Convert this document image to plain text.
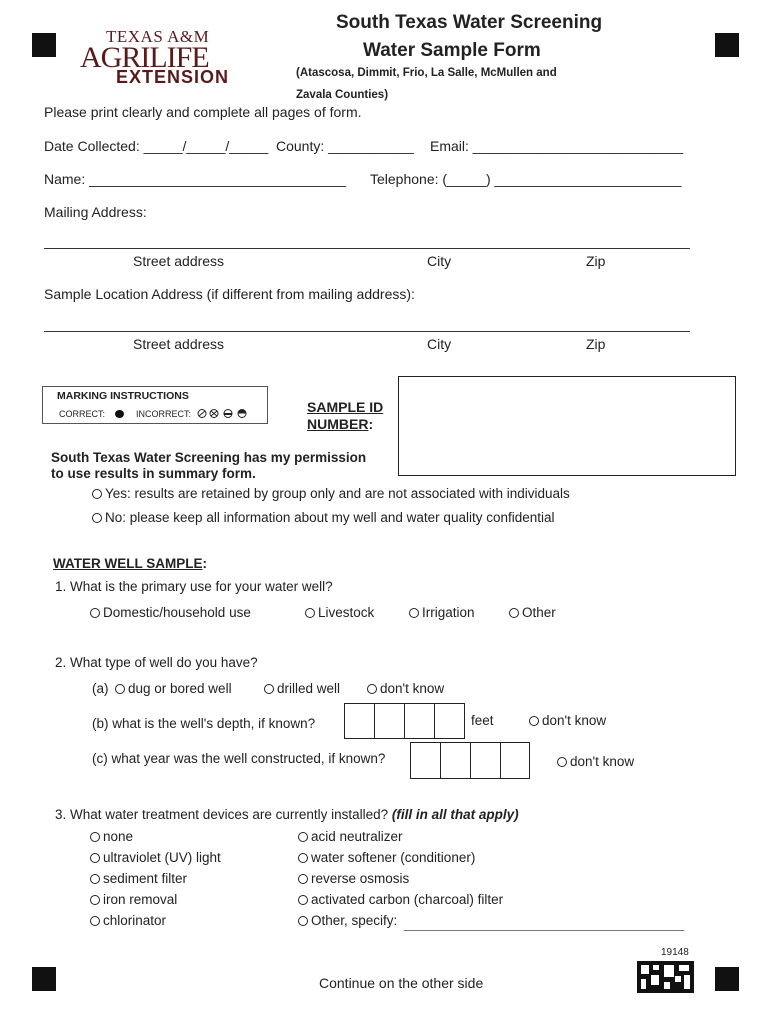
TEXAS A&M
AGRILIFE
EXTENSION
South Texas Water Screening
Water Sample Form
(Atascosa, Dimmit, Frio, La Salle, McMullen and
Zavala Counties)
Please print clearly and complete all pages of form.
Date Collected: _____/_____/_____ County: ___________ Email: ___________________________
Name: _________________________________ Telephone: (_____) ________________________
Mailing Address:
Street address	City	Zip
Sample Location Address (if different from mailing address):
Street address	City	Zip
MARKING INSTRUCTIONS
CORRECT:	INCORRECT:	SAMPLE ID
NUMBER:
South Texas Water Screening has my permission
to use results in summary form.
Yes: results are retained by group only and are not associated with individuals
No: please keep all information about my well and water quality confidential
WATER WELL SAMPLE:
1. What is the primary use for your water well?
Domestic/household use	Livestock	Irrigation	Other
2. What type of well do you have?
(a) dug or bored well	drilled well	don't know
(b) what is the well's depth, if known?	feet	don't know
(c) what year was the well constructed, if known?	don't know
3. What water treatment devices are currently installed? (fill in all that apply)
none
ultraviolet (UV) light
sediment filter
iron removal
chlorinator
acid neutralizer
water softener (conditioner)
reverse osmosis
activated carbon (charcoal) filter
Other, specify:
19148
Continue on the other side
